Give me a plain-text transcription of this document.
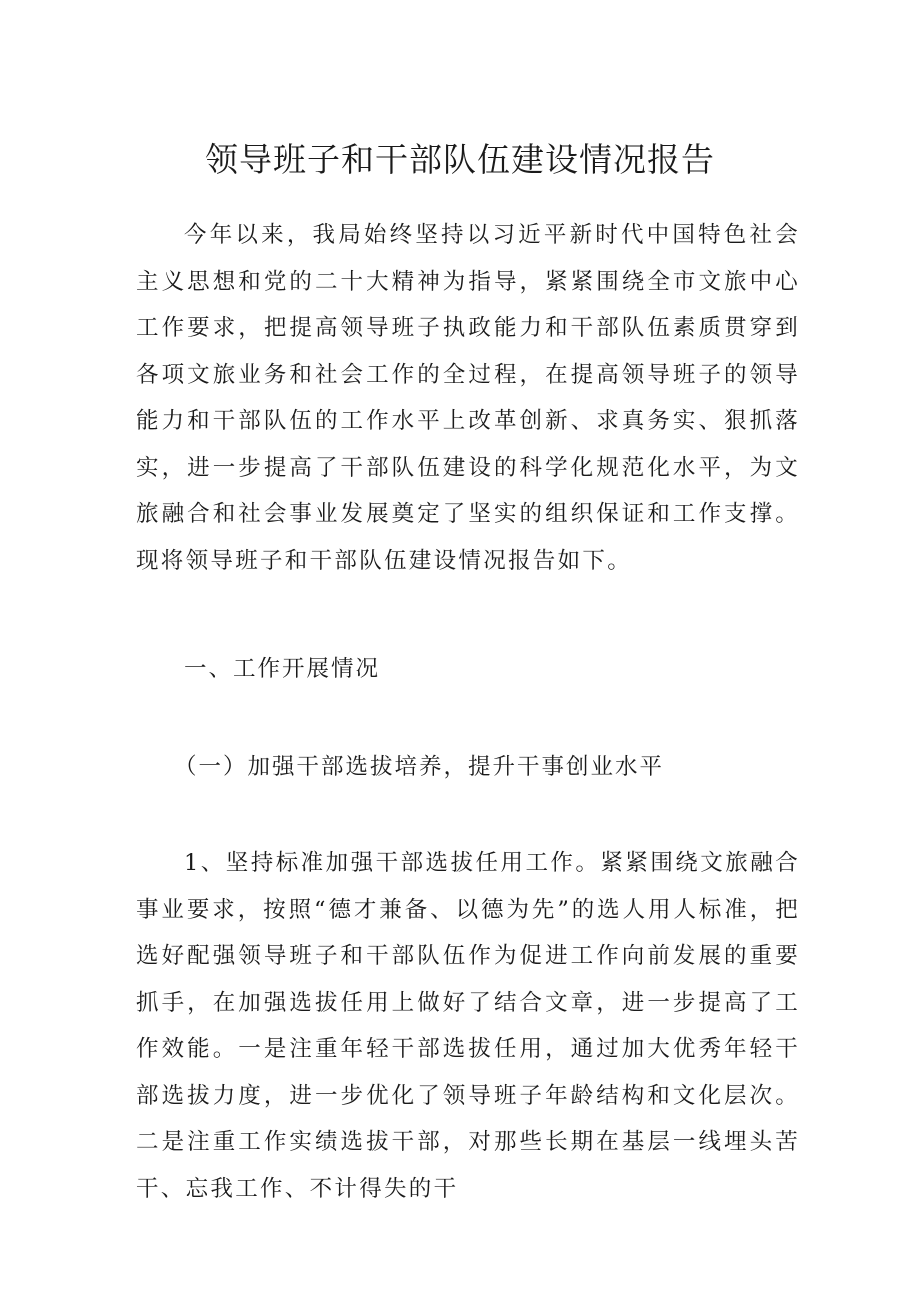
领导班子和干部队伍建设情况报告

今年以来，我局始终坚持以习近平新时代中国特色社会主义思想和党的二十大精神为指导，紧紧围绕全市文旅中心工作要求，把提高领导班子执政能力和干部队伍素质贯穿到各项文旅业务和社会工作的全过程，在提高领导班子的领导能力和干部队伍的工作水平上改革创新、求真务实、狠抓落实，进一步提高了干部队伍建设的科学化规范化水平，为文旅融合和社会事业发展奠定了坚实的组织保证和工作支撑。现将领导班子和干部队伍建设情况报告如下。

一、工作开展情况
（一）加强干部选拔培养，提升干事创业水平

1、坚持标准加强干部选拔任用工作。紧紧围绕文旅融合事业要求，按照“德才兼备、以德为先”的选人用人标准，把选好配强领导班子和干部队伍作为促进工作向前发展的重要抓手，在加强选拔任用上做好了结合文章，进一步提高了工作效能。一是注重年轻干部选拔任用，通过加大优秀年轻干部选拔力度，进一步优化了领导班子年龄结构和文化层次。二是注重工作实绩选拔干部，对那些长期在基层一线埋头苦干、忘我工作、不计得失的干
